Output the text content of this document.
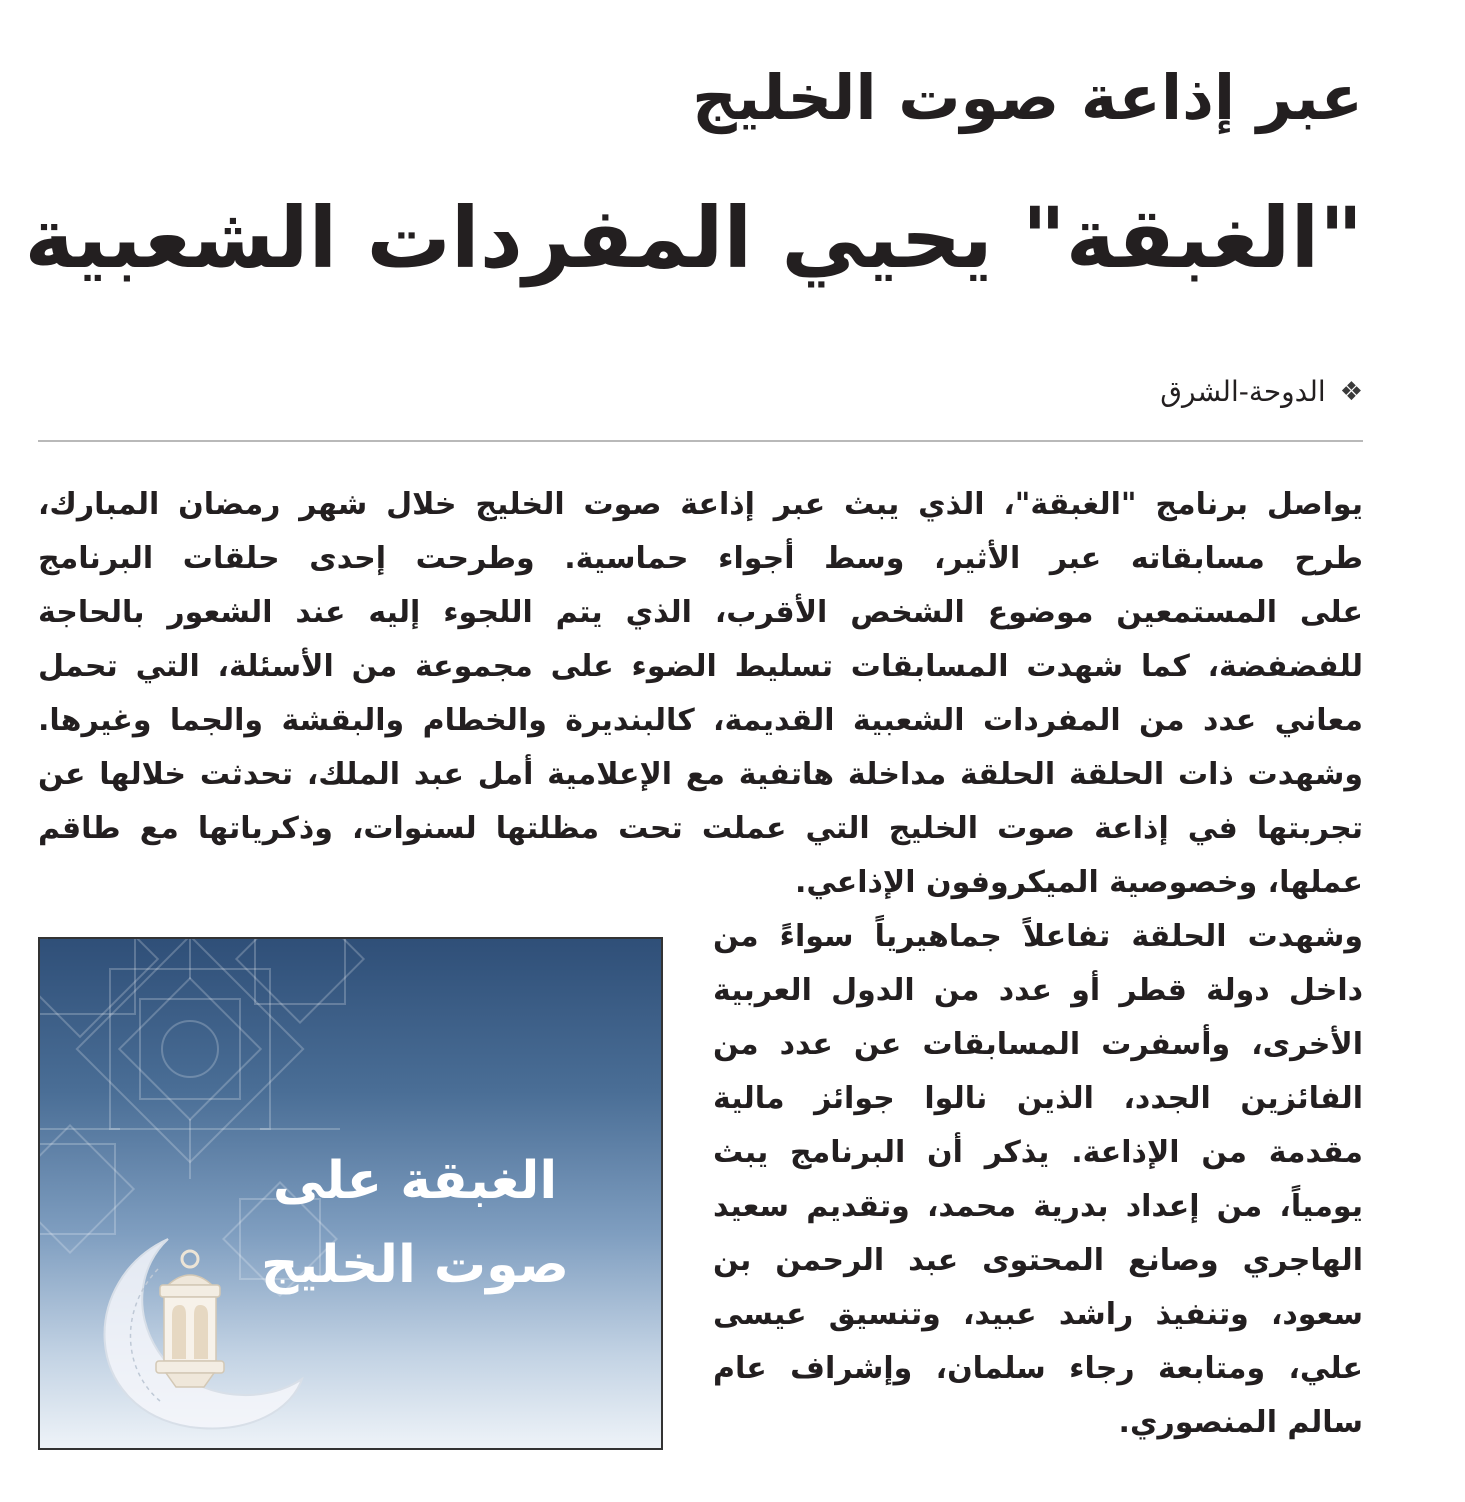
عبر إذاعة صوت الخليج
"الغبقة" يحيي المفردات الشعبية
❖
الدوحة-الشرق
يواصل برنامج "الغبقة"، الذي يبث عبر إذاعة صوت الخليج خلال شهر رمضان المبارك،
طرح مسابقاته عبر الأثير، وسط أجواء حماسية. وطرحت إحدى حلقات البرنامج
على المستمعين موضوع الشخص الأقرب، الذي يتم اللجوء إليه عند الشعور بالحاجة
للفضفضة، كما شهدت المسابقات تسليط الضوء على مجموعة من الأسئلة، التي تحمل
معاني عدد من المفردات الشعبية القديمة، كالبنديرة والخطام والبقشة والجما وغيرها.
وشهدت ذات الحلقة الحلقة مداخلة هاتفية مع الإعلامية أمل عبد الملك، تحدثت خلالها عن
تجربتها في إذاعة صوت الخليج التي عملت تحت مظلتها لسنوات، وذكرياتها مع طاقم
عملها، وخصوصية الميكروفون الإذاعي.
وشهدت الحلقة تفاعلاً جماهيرياً سواءً من
داخل دولة قطر أو عدد من الدول العربية
الأخرى، وأسفرت المسابقات عن عدد من
الفائزين الجدد، الذين نالوا جوائز مالية
مقدمة من الإذاعة. يذكر أن البرنامج يبث
يومياً، من إعداد بدرية محمد، وتقديم سعيد
الهاجري وصانع المحتوى عبد الرحمن بن
سعود، وتنفيذ راشد عبيد، وتنسيق عيسى
علي، ومتابعة رجاء سلمان، وإشراف عام
سالم المنصوري.
الغبقة على
صوت الخليج
